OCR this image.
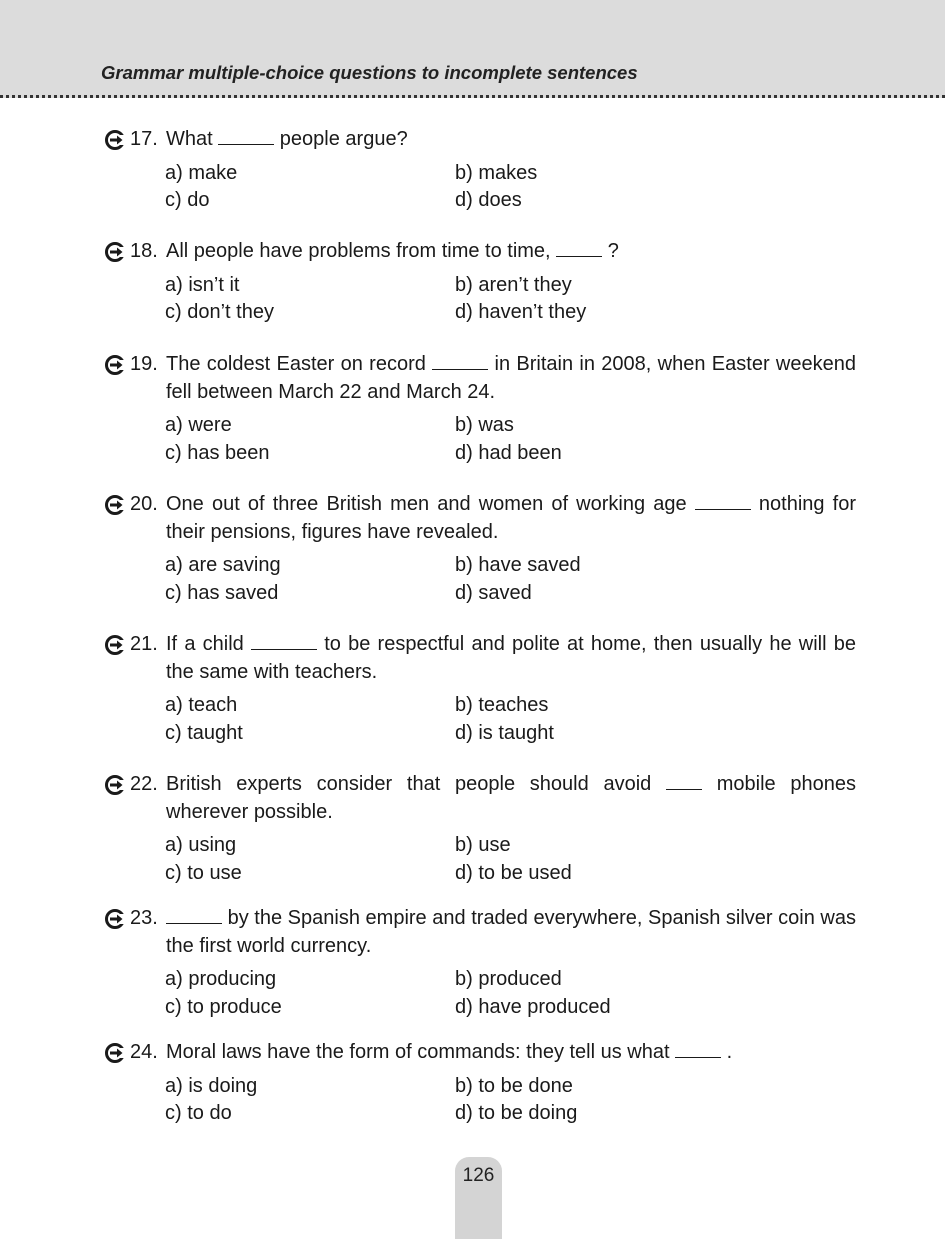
Grammar multiple-choice questions to incomplete sentences
17. What	people argue?
a) make	b) makes
c) do	d) does
18. All people have problems from time to time,  ?
a) isn’t it	b) aren’t they
c) don’t they	d) haven’t they
19. The coldest Easter on record	in Britain in 2008, when Easter weekend fell between March 22 and March 24.
a) were	b) was
c) has been	d) had been
20. One out of three British men and women of working age	nothing for their pensions, figures have revealed.
a) are saving	b) have saved
c) has saved	d) saved
21. If a child	to be respectful and polite at home, then usually he will be the same with teachers.
a) teach	b) teaches
c) taught	d) is taught
22. British experts consider that people should avoid  mobile phones wherever possible.
a) using	b) use
c) to use	d) to be used
23.	by the Spanish empire and traded everywhere, Spanish silver coin was the first world currency.
a) producing	b) produced
c) to produce	d) have produced
24. Moral laws have the form of commands: they tell us what  .
a) is doing	b) to be done
c) to do	d) to be doing
126
